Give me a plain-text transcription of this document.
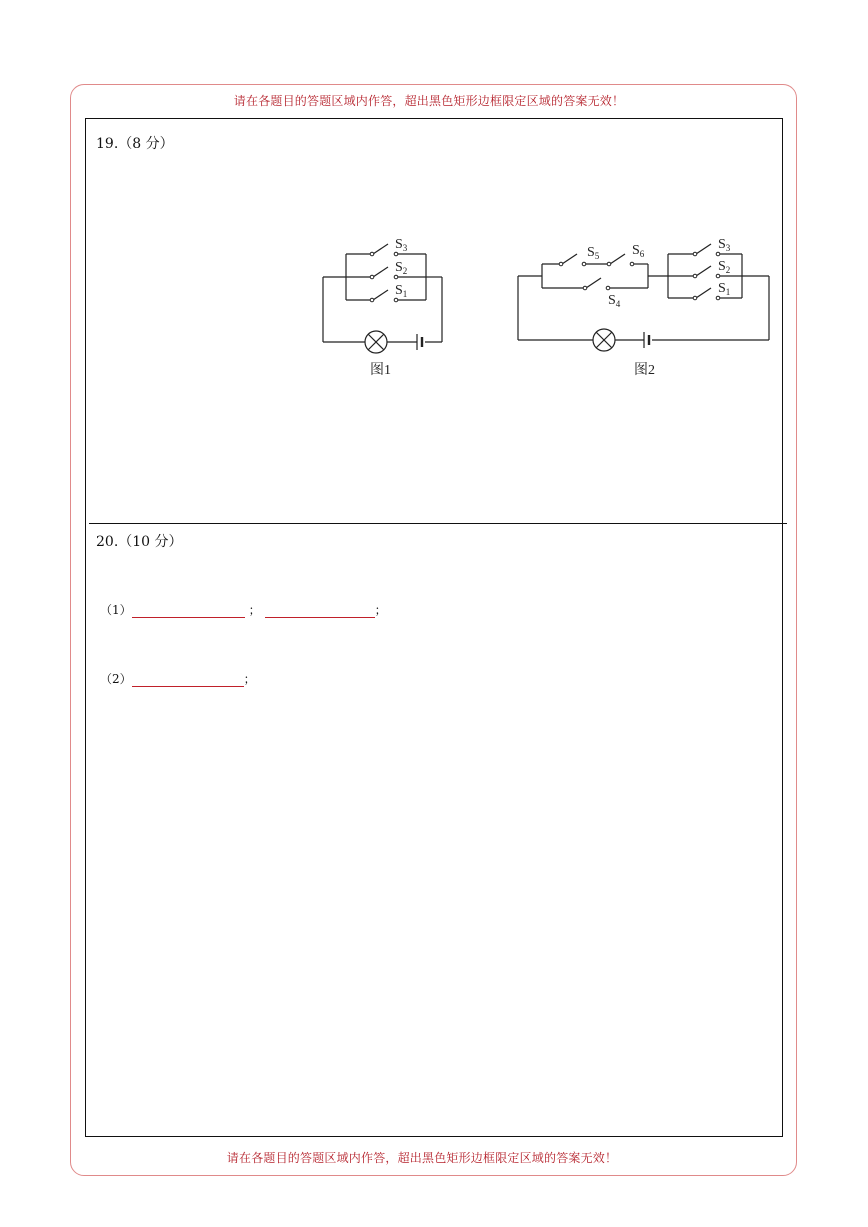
请在各题目的答题区域内作答，超出黑色矩形边框限定区域的答案无效！
19.（8 分）
$S_3$
$S_2$
$S_1$
图1
$S_5$ $S_6$
$S_4$
$S_3$
$S_2$
$S_1$
图2
20.（10 分）
（1）	；	；
（2）	；
请在各题目的答题区域内作答，超出黑色矩形边框限定区域的答案无效！
